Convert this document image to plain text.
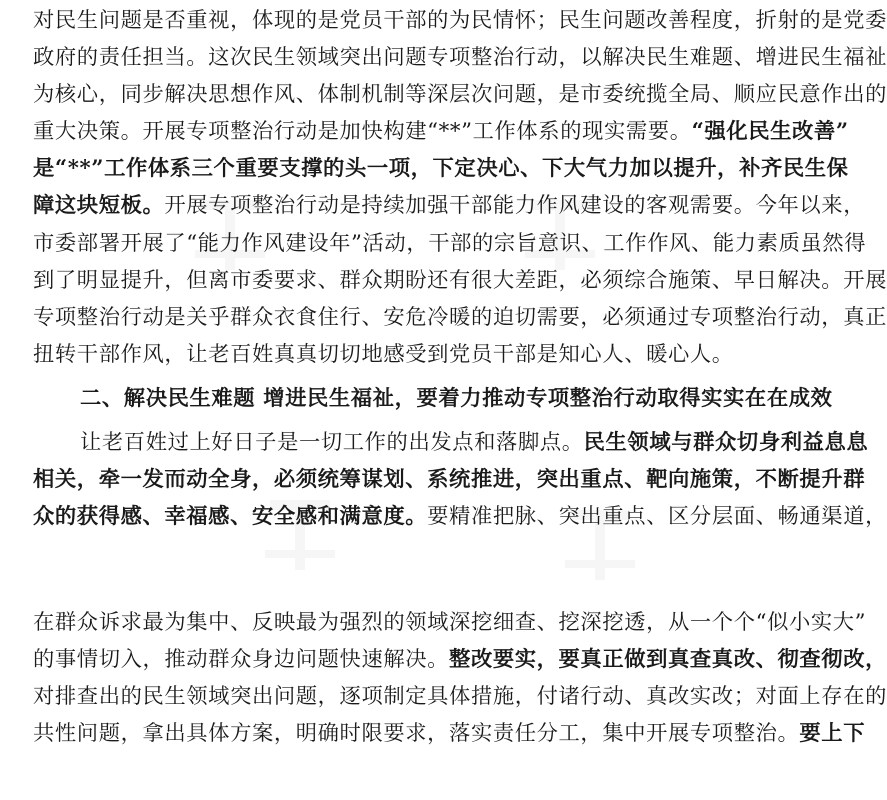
对民生问题是否重视，体现的是党员干部的为民情怀；民生问题改善程度，折射的是党委
政府的责任担当。这次民生领域突出问题专项整治行动，以解决民生难题、增进民生福祉
为核心，同步解决思想作风、体制机制等深层次问题，是市委统揽全局、顺应民意作出的
重大决策。开展专项整治行动是加快构建“**”工作体系的现实需要。“强化民生改善”
是“**”工作体系三个重要支撑的头一项，下定决心、下大气力加以提升，补齐民生保
障这块短板。开展专项整治行动是持续加强干部能力作风建设的客观需要。今年以来，
市委部署开展了“能力作风建设年”活动，干部的宗旨意识、工作作风、能力素质虽然得
到了明显提升，但离市委要求、群众期盼还有很大差距，必须综合施策、早日解决。开展
专项整治行动是关乎群众衣食住行、安危冷暖的迫切需要，必须通过专项整治行动，真正
扭转干部作风，让老百姓真真切切地感受到党员干部是知心人、暖心人。
二、解决民生难题 增进民生福祉，要着力推动专项整治行动取得实实在在成效
让老百姓过上好日子是一切工作的出发点和落脚点。民生领域与群众切身利益息息
相关，牵一发而动全身，必须统筹谋划、系统推进，突出重点、靶向施策，不断提升群
众的获得感、幸福感、安全感和满意度。要精准把脉、突出重点、区分层面、畅通渠道，
在群众诉求最为集中、反映最为强烈的领域深挖细查、挖深挖透，从一个个“似小实大”
的事情切入，推动群众身边问题快速解决。整改要实，要真正做到真查真改、彻查彻改，
对排查出的民生领域突出问题，逐项制定具体措施，付诸行动、真改实改；对面上存在的
共性问题，拿出具体方案，明确时限要求，落实责任分工，集中开展专项整治。要上下
